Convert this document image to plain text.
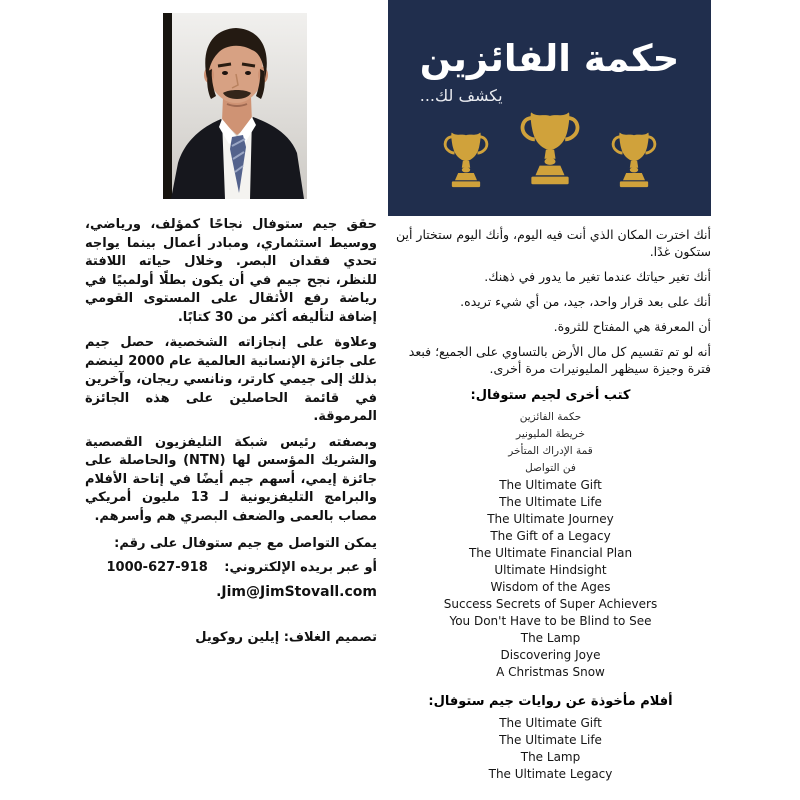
حكمة الفائزين
يكشف لك...

حقق جيم ستوفال نجاحًا كمؤلف، ورياضي، ووسيط استثماري، ومبادر أعمال بينما يواجه تحدي فقدان البصر. وخلال حياته اللافتة للنظر، نجح جيم في أن يكون بطلًا أولمبيًا في رياضة رفع الأثقال على المستوى القومي إضافة لتأليفه أكثر من 30 كتابًا.

وعلاوة على إنجازاته الشخصية، حصل جيم على جائزة الإنسانية العالمية عام 2000 لينضم بذلك إلى جيمي كارتر، ونانسي ريجان، وآخرين في قائمة الحاصلين على هذه الجائزة المرموقة.

وبصفته رئيس شبكة التليفزيون القصصية والشريك المؤسس لها (NTN) والحاصلة على جائزة إيمي، أسهم جيم أيضًا في إتاحة الأفلام والبرامج التليفزيونية لـ 13 مليون أمريكي مصاب بالعمى والضعف البصري هم وأسرهم.

يمكن التواصل مع جيم ستوفال على رقم:
أو عبر بريده الإلكتروني: 1000-627-918
Jim@JimStovall.com.
تصميم الغلاف: إيلين روكويل
أنك اخترت المكان الذي أنت فيه اليوم، وأنك اليوم ستختار أين ستكون غدًا.
أنك تغير حياتك عندما تغير ما يدور في ذهنك.
أنك على بعد قرار واحد، جيد، من أي شيء تريده.
أن المعرفة هي المفتاح للثروة.
أنه لو تم تقسيم كل مال الأرض بالتساوي على الجميع؛ فبعد فترة وجيزة سيظهر المليونيرات مرة أخرى.
كتب أخرى لجيم ستوفال:
حكمة الفائزين
خريطة المليونير
قمة الإدراك المتأخر
فن التواصل
The Ultimate Gift
The Ultimate Life
The Ultimate Journey
The Gift of a Legacy
The Ultimate Financial Plan
Ultimate Hindsight
Wisdom of the Ages
Success Secrets of Super Achievers
You Don't Have to be Blind to See
The Lamp
Discovering Joye
A Christmas Snow
أفلام مأخوذة عن روايات جيم ستوفال:
The Ultimate Gift
The Ultimate Life
The Lamp
The Ultimate Legacy
